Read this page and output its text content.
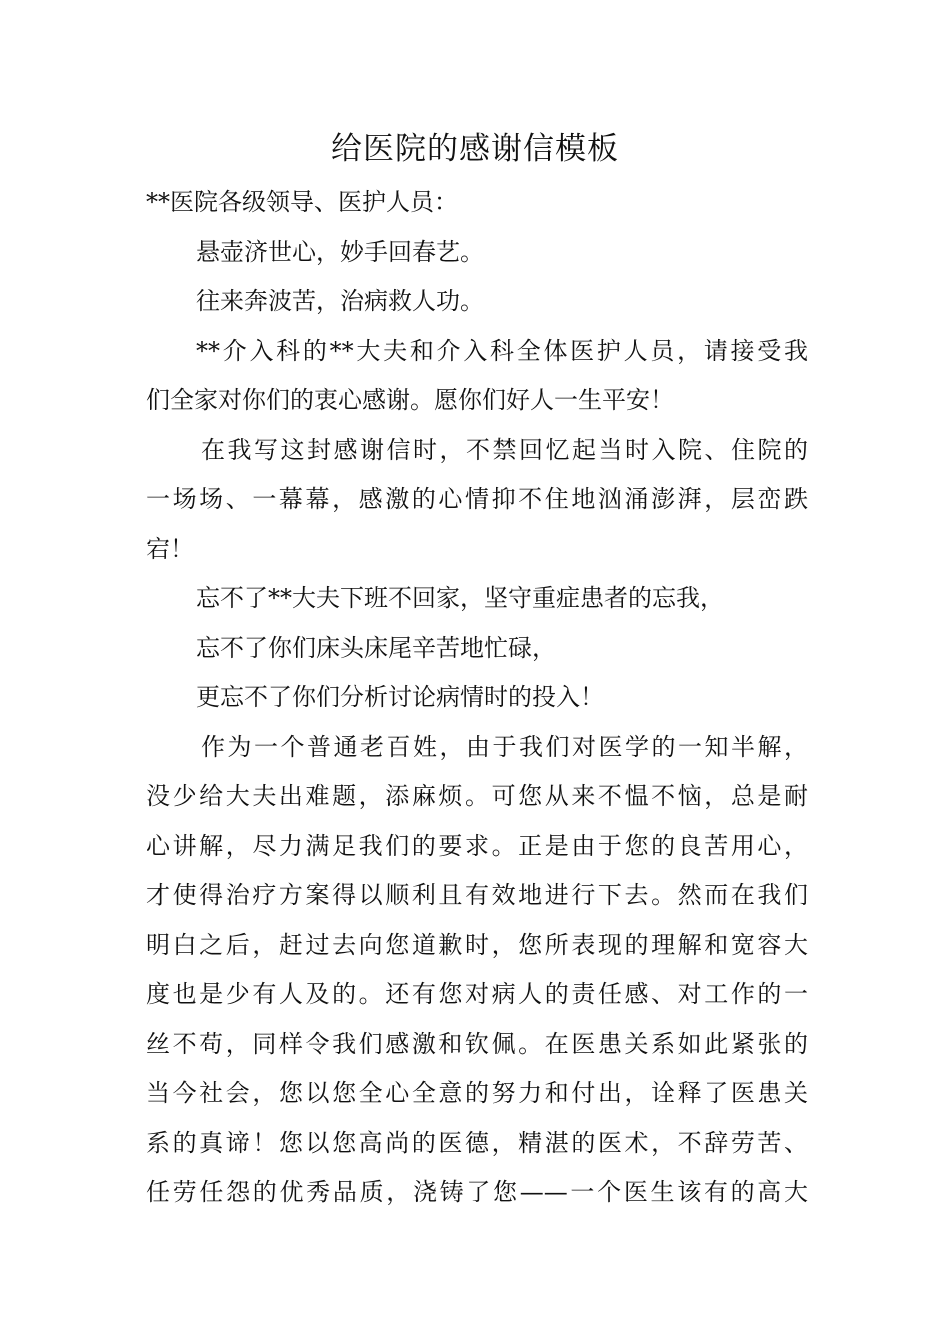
给医院的感谢信模板
**医院各级领导、医护人员：
悬壶济世心，妙手回春艺。
往来奔波苦，治病救人功。
**介入科的**大夫和介入科全体医护人员，请接受我
们全家对你们的衷心感谢。愿你们好人一生平安！
在我写这封感谢信时，不禁回忆起当时入院、住院的
一场场、一幕幕，感激的心情抑不住地汹涌澎湃，层峦跌
宕！
忘不了**大夫下班不回家，坚守重症患者的忘我，
忘不了你们床头床尾辛苦地忙碌，
更忘不了你们分析讨论病情时的投入！
作为一个普通老百姓，由于我们对医学的一知半解，
没少给大夫出难题，添麻烦。可您从来不愠不恼，总是耐
心讲解，尽力满足我们的要求。正是由于您的良苦用心，
才使得治疗方案得以顺利且有效地进行下去。然而在我们
明白之后，赶过去向您道歉时，您所表现的理解和宽容大
度也是少有人及的。还有您对病人的责任感、对工作的一
丝不苟，同样令我们感激和钦佩。在医患关系如此紧张的
当今社会，您以您全心全意的努力和付出，诠释了医患关
系的真谛！您以您高尚的医德，精湛的医术，不辞劳苦、
任劳任怨的优秀品质，浇铸了您——一个医生该有的高大
